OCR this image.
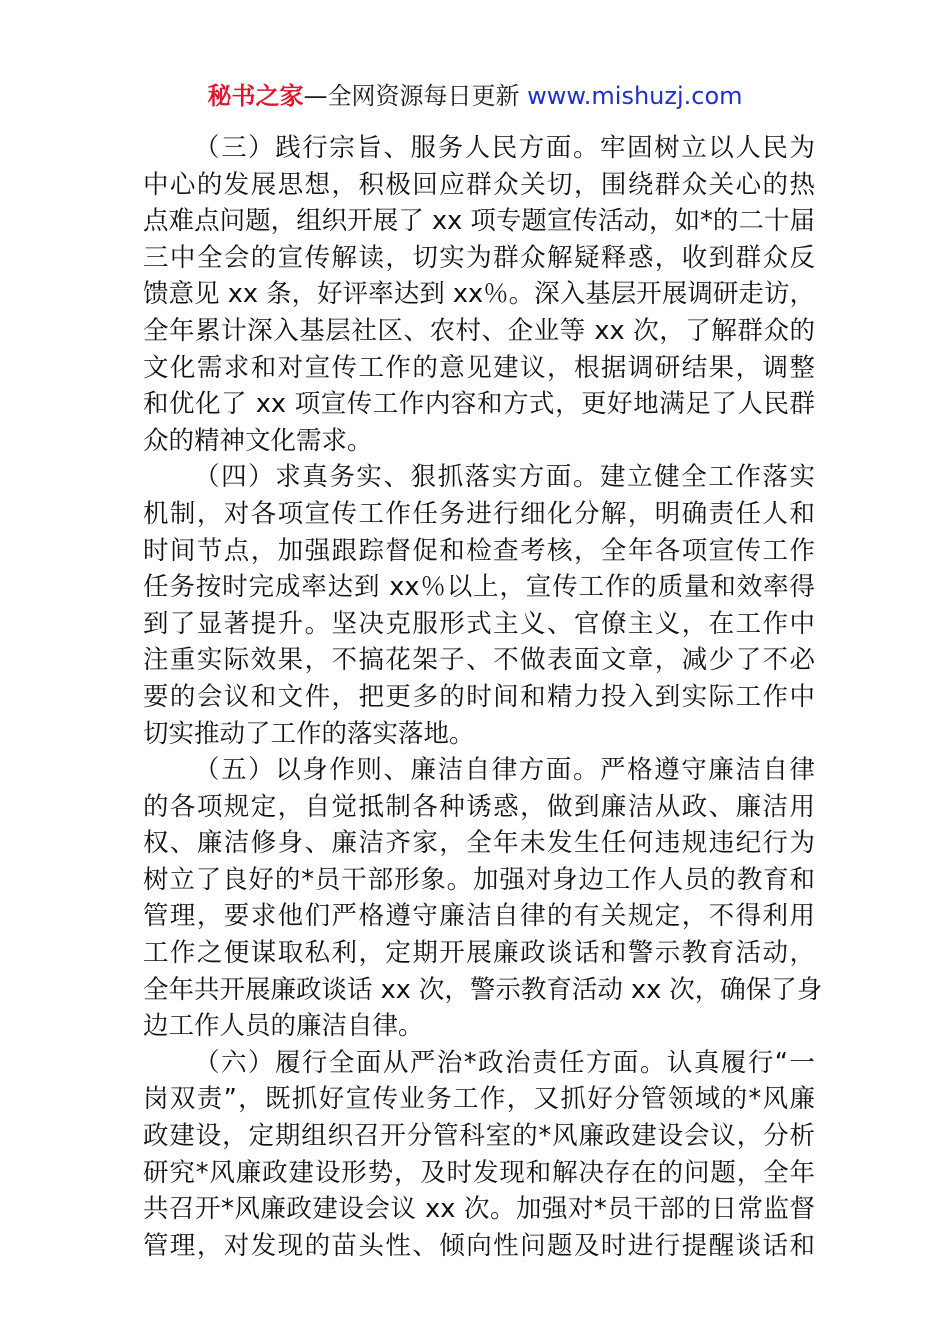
秘书之家—全网资源每日更新 www.mishuzj.com
（三）践行宗旨、服务人民方面。牢固树立以人民为
中心的发展思想，积极回应群众关切，围绕群众关心的热
点难点问题，组织开展了 xx 项专题宣传活动，如*的二十届
三中全会的宣传解读，切实为群众解疑释惑，收到群众反
馈意见 xx 条，好评率达到 xx％。深入基层开展调研走访，
全年累计深入基层社区、农村、企业等 xx 次，了解群众的
文化需求和对宣传工作的意见建议，根据调研结果，调整
和优化了 xx 项宣传工作内容和方式，更好地满足了人民群
众的精神文化需求。
（四）求真务实、狠抓落实方面。建立健全工作落实
机制，对各项宣传工作任务进行细化分解，明确责任人和
时间节点，加强跟踪督促和检查考核，全年各项宣传工作
任务按时完成率达到 xx％以上，宣传工作的质量和效率得
到了显著提升。坚决克服形式主义、官僚主义，在工作中
注重实际效果，不搞花架子、不做表面文章，减少了不必
要的会议和文件，把更多的时间和精力投入到实际工作中
切实推动了工作的落实落地。
（五）以身作则、廉洁自律方面。严格遵守廉洁自律
的各项规定，自觉抵制各种诱惑，做到廉洁从政、廉洁用
权、廉洁修身、廉洁齐家，全年未发生任何违规违纪行为
树立了良好的*员干部形象。加强对身边工作人员的教育和
管理，要求他们严格遵守廉洁自律的有关规定，不得利用
工作之便谋取私利，定期开展廉政谈话和警示教育活动，
全年共开展廉政谈话 xx 次，警示教育活动 xx 次，确保了身
边工作人员的廉洁自律。
（六）履行全面从严治*政治责任方面。认真履行“一
岗双责”，既抓好宣传业务工作，又抓好分管领域的*风廉
政建设，定期组织召开分管科室的*风廉政建设会议，分析
研究*风廉政建设形势，及时发现和解决存在的问题，全年
共召开*风廉政建设会议 xx 次。加强对*员干部的日常监督
管理，对发现的苗头性、倾向性问题及时进行提醒谈话和
